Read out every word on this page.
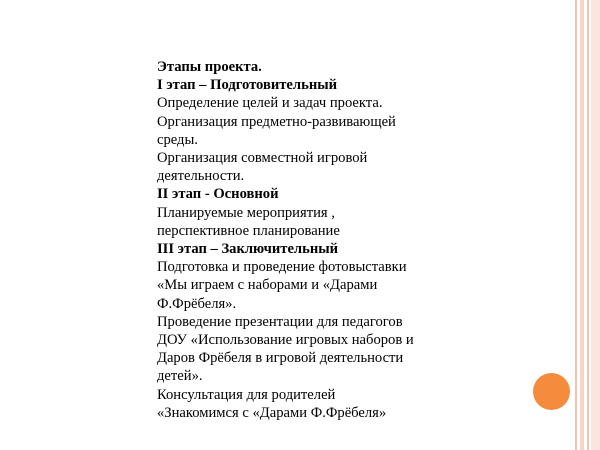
Этапы проекта.

I этап – Подготовительный

Определение целей и задач проекта.

Организация предметно-развивающей

среды.

Организация совместной игровой

деятельности.

II этап - Основной

Планируемые мероприятия ,

перспективное планирование

III этап – Заключительный

Подготовка и проведение фотовыставки

«Мы играем с наборами и «Дарами

Ф.Фрёбеля».

Проведение презентации для педагогов

ДОУ «Использование игровых наборов и

Даров Фрёбеля в игровой деятельности

детей».

Консультация для родителей

«Знакомимся с «Дарами Ф.Фрёбеля»
